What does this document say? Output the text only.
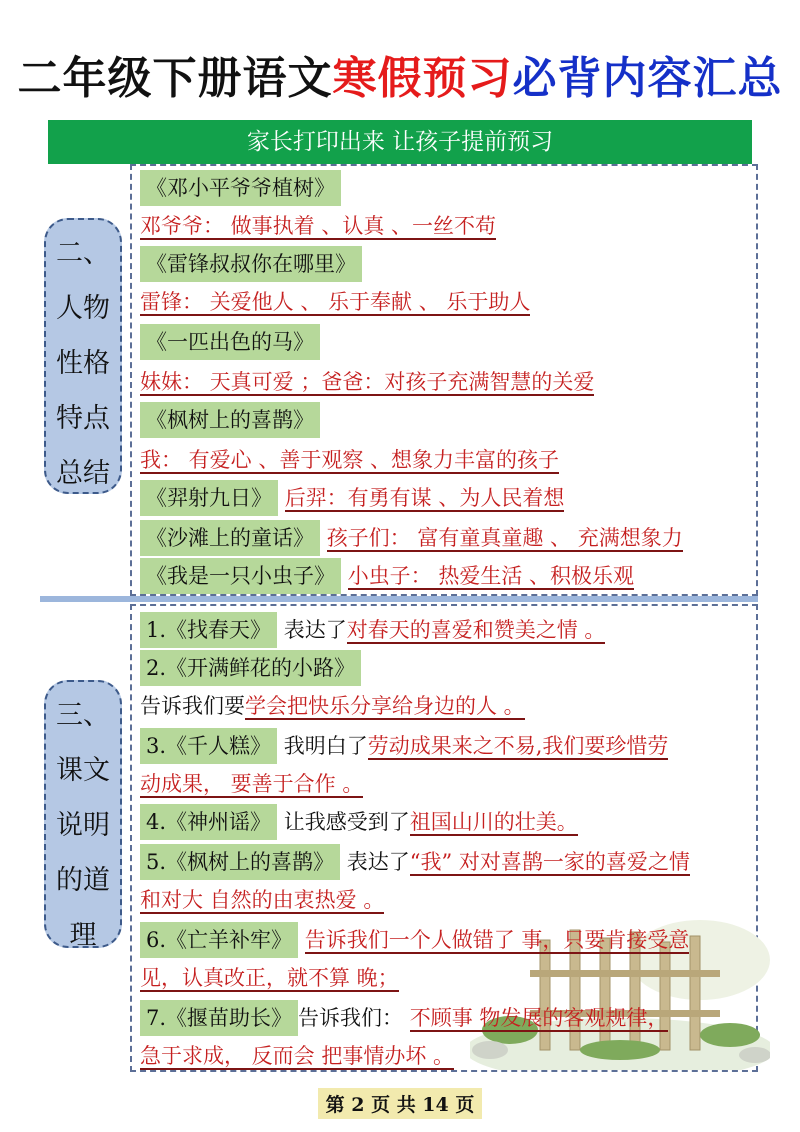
二年级下册语文寒假预习必背内容汇总
家长打印出来 让孩子提前预习
二、
人物
性格
特点
总结
《邓小平爷爷植树》
邓爷爷： 做事执着 、认真 、一丝不苟
《雷锋叔叔你在哪里》
雷锋： 关爱他人 、 乐于奉献 、 乐于助人
《一匹出色的马》
妹妹： 天真可爱 ；爸爸：对孩子充满智慧的关爱
《枫树上的喜鹊》
我： 有爱心 、善于观察 、想象力丰富的孩子
《羿射九日》 后羿：有勇有谋 、为人民着想
《沙滩上的童话》 孩子们： 富有童真童趣 、 充满想象力
《我是一只小虫子》 小虫子： 热爱生活 、积极乐观
三、
课文
说明
的道
理
1.《找春天》 表达了对春天的喜爱和赞美之情 。
2.《开满鲜花的小路》
告诉我们要学会把快乐分享给身边的人 。
3.《千人糕》 我明白了劳动成果来之不易,我们要珍惜劳
动成果， 要善于合作 。
4.《神州谣》 让我感受到了祖国山川的壮美。
5.《枫树上的喜鹊》 表达了“我” 对对喜鹊一家的喜爱之情
和对大 自然的由衷热爱 。
6.《亡羊补牢》 告诉我们一个人做错了 事，只要肯接受意
见，认真改正，就不算 晚；
7.《揠苗助长》 告诉我们： 不顾事 物发展的客观规律，
急于求成， 反而会 把事情办坏 。
第 2 页 共 14 页
